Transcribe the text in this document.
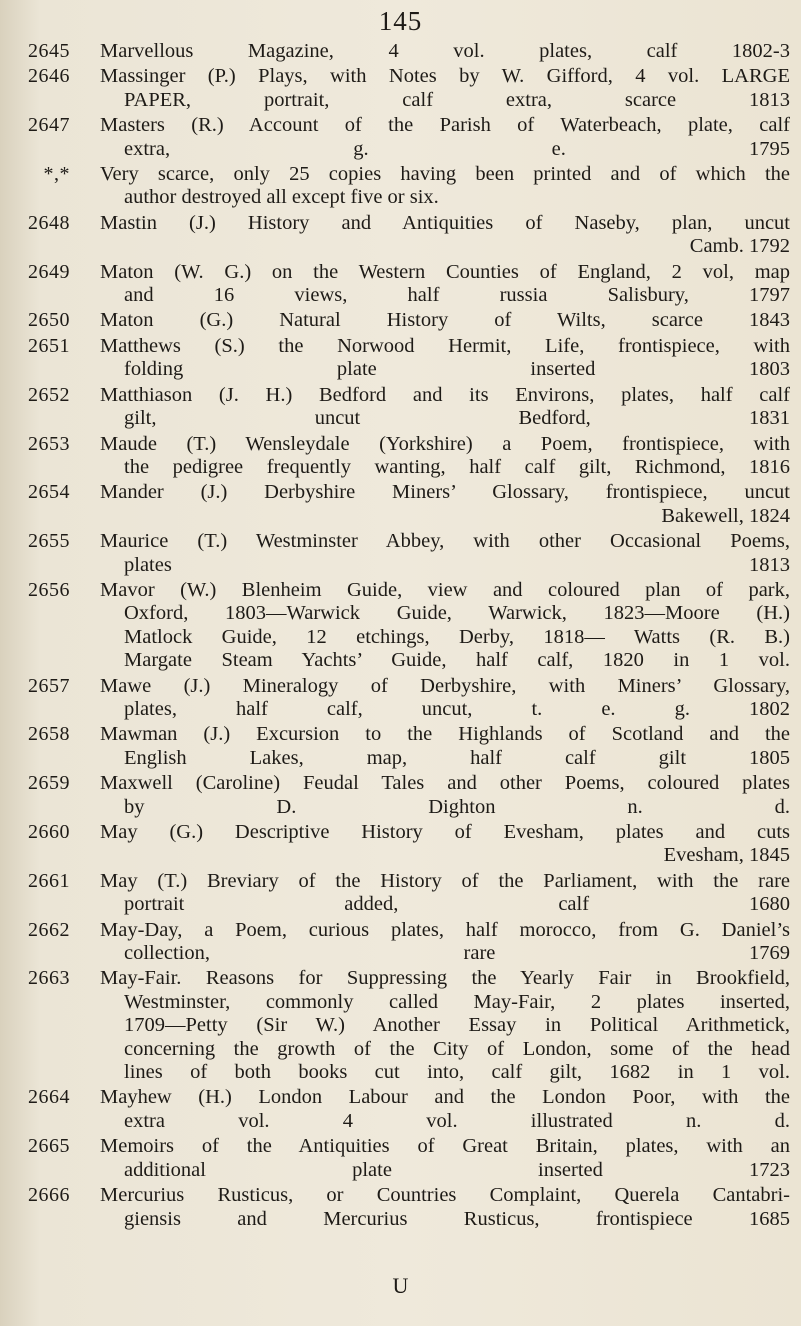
145
2645 Marvellous Magazine, 4 vol. plates, calf 1802-3
2646 Massinger (P.) Plays, with Notes by W. Gifford, 4 vol. LARGE
PAPER, portrait, calf extra, scarce 1813
2647 Masters (R.) Account of the Parish of Waterbeach, plate, calf
extra, g. e. 1795
*,* Very scarce, only 25 copies having been printed and of which the
author destroyed all except five or six.
2648 Mastin (J.) History and Antiquities of Naseby, plan, uncut
Camb. 1792
2649 Maton (W. G.) on the Western Counties of England, 2 vol, map
and 16 views, half russia Salisbury, 1797
2650 Maton (G.) Natural History of Wilts, scarce 1843
2651 Matthews (S.) the Norwood Hermit, Life, frontispiece, with
folding plate inserted 1803
2652 Matthiason (J. H.) Bedford and its Environs, plates, half calf
gilt, uncut Bedford, 1831
2653 Maude (T.) Wensleydale (Yorkshire) a Poem, frontispiece, with
the pedigree frequently wanting, half calf gilt, Richmond, 1816
2654 Mander (J.) Derbyshire Miners’ Glossary, frontispiece, uncut
Bakewell, 1824
2655 Maurice (T.) Westminster Abbey, with other Occasional Poems,
plates 1813
2656 Mavor (W.) Blenheim Guide, view and coloured plan of park,
Oxford, 1803—Warwick Guide, Warwick, 1823—Moore (H.)
Matlock Guide, 12 etchings, Derby, 1818— Watts (R. B.)
Margate Steam Yachts’ Guide, half calf, 1820 in 1 vol.
2657 Mawe (J.) Mineralogy of Derbyshire, with Miners’ Glossary,
plates, half calf, uncut, t. e. g. 1802
2658 Mawman (J.) Excursion to the Highlands of Scotland and the
English Lakes, map, half calf gilt 1805
2659 Maxwell (Caroline) Feudal Tales and other Poems, coloured plates
by D. Dighton n. d.
2660 May (G.) Descriptive History of Evesham, plates and cuts
Evesham, 1845
2661 May (T.) Breviary of the History of the Parliament, with the rare
portrait added, calf 1680
2662 May-Day, a Poem, curious plates, half morocco, from G. Daniel’s
collection, rare 1769
2663 May-Fair. Reasons for Suppressing the Yearly Fair in Brookfield,
Westminster, commonly called May-Fair, 2 plates inserted,
1709—Petty (Sir W.) Another Essay in Political Arithmetick,
concerning the growth of the City of London, some of the head
lines of both books cut into, calf gilt, 1682 in 1 vol.
2664 Mayhew (H.) London Labour and the London Poor, with the
extra vol. 4 vol. illustrated n. d.
2665 Memoirs of the Antiquities of Great Britain, plates, with an
additional plate inserted 1723
2666 Mercurius Rusticus, or Countries Complaint, Querela Cantabri-
giensis and Mercurius Rusticus, frontispiece 1685
U
